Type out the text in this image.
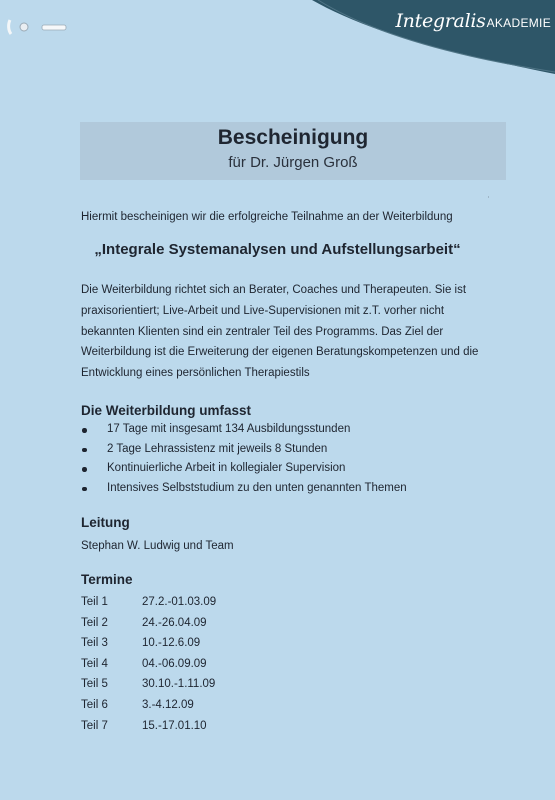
IntegralisAKADEMIE
Bescheinigung
für Dr. Jürgen Groß
Hiermit bescheinigen wir die erfolgreiche Teilnahme an der Weiterbildung
„Integrale Systemanalysen und Aufstellungsarbeit“
Die Weiterbildung richtet sich an Berater, Coaches und Therapeuten. Sie ist
praxisorientiert; Live-Arbeit und Live-Supervisionen mit z.T. vorher nicht
bekannten Klienten sind ein zentraler Teil des Programms. Das Ziel der
Weiterbildung ist die Erweiterung der eigenen Beratungskompetenzen und die
Entwicklung eines persönlichen Therapiestils
Die Weiterbildung umfasst
17 Tage mit insgesamt 134 Ausbildungsstunden
2 Tage Lehrassistenz mit jeweils 8 Stunden
Kontinuierliche Arbeit in kollegialer Supervision
Intensives Selbststudium zu den unten genannten Themen
Leitung
Stephan W. Ludwig und Team
Termine
Teil 1	27.2.-01.03.09
Teil 2	24.-26.04.09
Teil 3	10.-12.6.09
Teil 4	04.-06.09.09
Teil 5	30.10.-1.11.09
Teil 6	3.-4.12.09
Teil 7	15.-17.01.10
